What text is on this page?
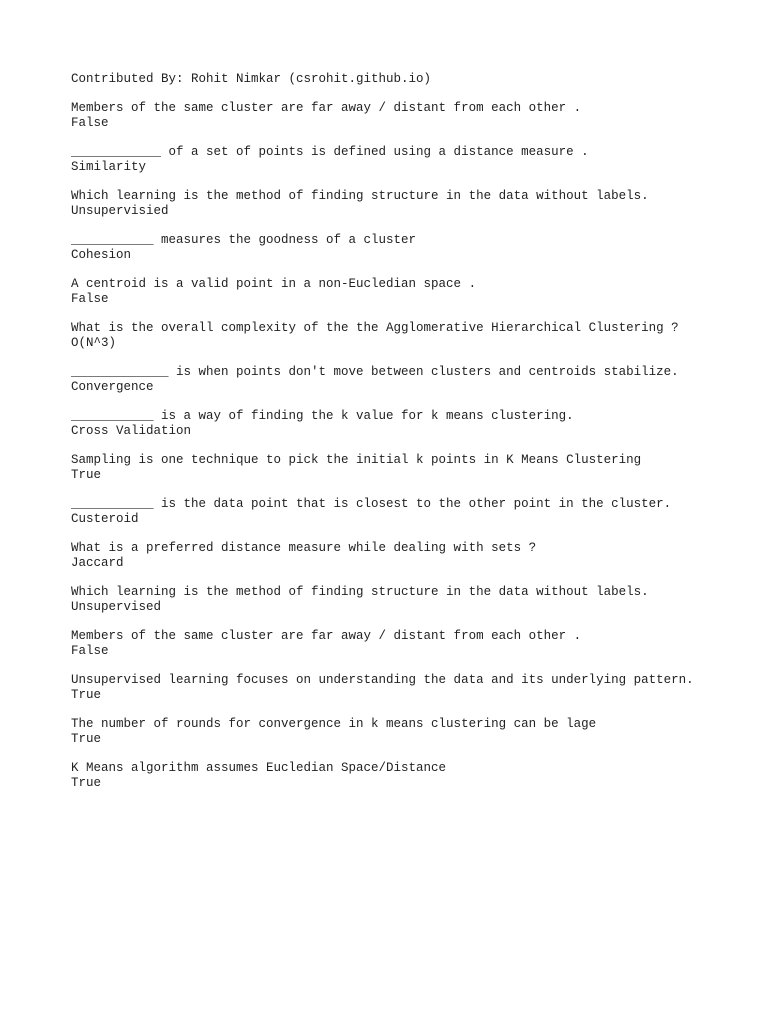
Contributed By: Rohit Nimkar (csrohit.github.io)
Members of the same cluster are far away / distant from each other .
False
____________ of a set of points is defined using a distance measure .
Similarity
Which learning is the method of finding structure in the data without labels.
Unsupervisied
___________ measures the goodness of a cluster
Cohesion
A centroid is a valid point in a non-Eucledian space .
False
What is the overall complexity of the the Agglomerative Hierarchical Clustering ?
O(N^3)
_____________ is when points don't move between clusters and centroids stabilize.
Convergence
___________ is a way of finding the k value for k means clustering.
Cross Validation
Sampling is one technique to pick the initial k points in K Means Clustering
True
___________ is the data point that is closest to the other point in the cluster.
Custeroid
What is a preferred distance measure while dealing with sets ?
Jaccard
Which learning is the method of finding structure in the data without labels.
Unsupervised
Members of the same cluster are far away / distant from each other .
False
Unsupervised learning focuses on understanding the data and its underlying pattern.
True
The number of rounds for convergence in k means clustering can be lage
True
K Means algorithm assumes Eucledian Space/Distance
True
